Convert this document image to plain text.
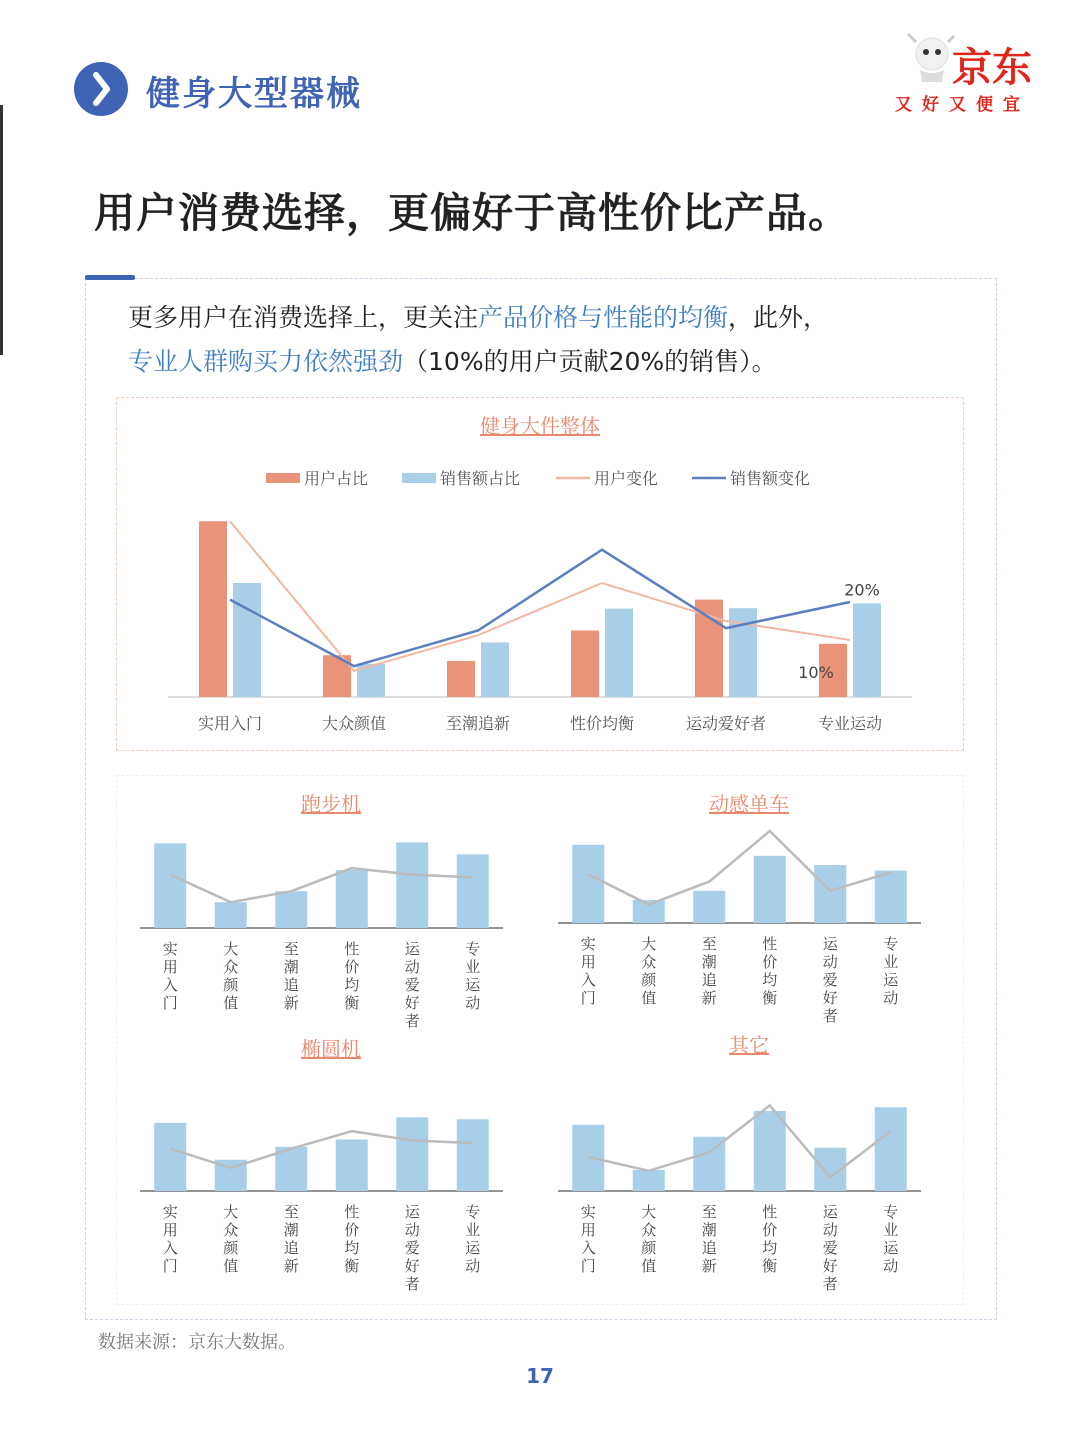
健身大型器械
京东
又好又便宜
用户消费选择，更偏好于高性价比产品。
更多用户在消费选择上，更关注产品价格与性能的均衡，此外，
专业人群购买力依然强劲（10%的用户贡献20%的销售）。
健身大件整体
用户占比	销售额占比	用户变化	销售额变化
实用入门	大众颜值	至潮追新	性价均衡	运动爱好者	专业运动
20%
10%
跑步机
实用入门
大众颜值
至潮追新
性价均衡
运动爱好者
专业运动
动感单车
实用入门
大众颜值
至潮追新
性价均衡
运动爱好者
专业运动
椭圆机
实用入门
大众颜值
至潮追新
性价均衡
运动爱好者
专业运动
其它
实用入门
大众颜值
至潮追新
性价均衡
运动爱好者
专业运动
数据来源：京东大数据。
17
